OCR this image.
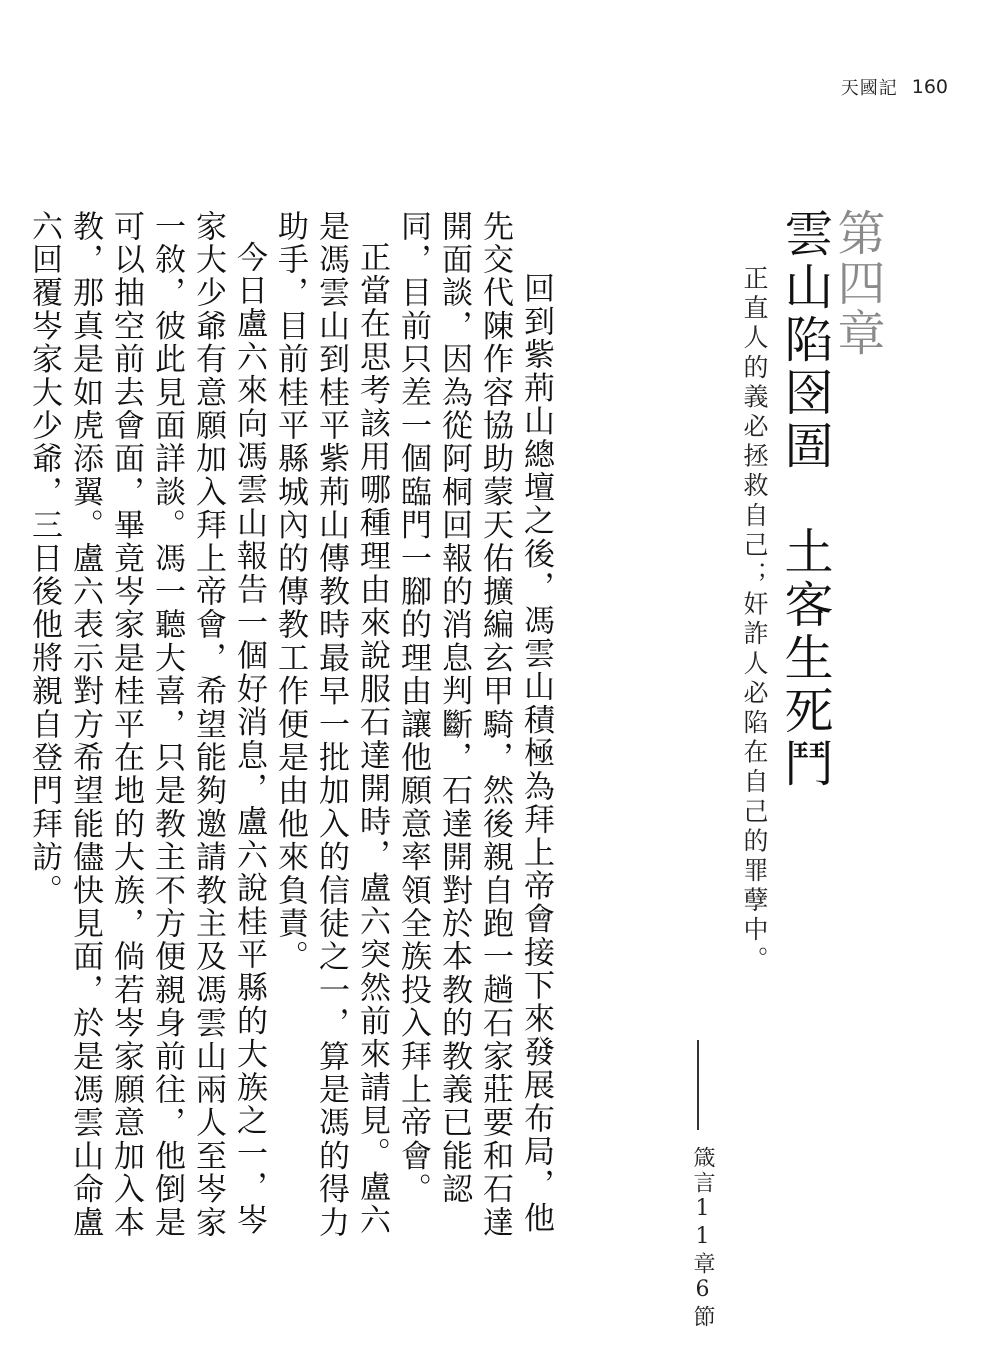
天國記 160
第四章
雲山陷囹圄　土客生死鬥
正直人的義必拯救自己；奸詐人必陷在自己的罪孽中。
箴言11章6節

回到紫荊山總壇之後，馮雲山積極為拜上帝會接下來發展布局，他先交代陳作容協助蒙天佑擴編玄甲騎，然後親自跑一趟石家莊要和石達開面談，因為從阿桐回報的消息判斷，石達開對於本教的教義已能認同，目前只差一個臨門一腳的理由讓他願意率領全族投入拜上帝會。

正當在思考該用哪種理由來說服石達開時，盧六突然前來請見。盧六是馮雲山到桂平紫荊山傳教時最早一批加入的信徒之一，算是馮的得力助手，目前桂平縣城內的傳教工作便是由他來負責。

今日盧六來向馮雲山報告一個好消息，盧六說桂平縣的大族之一，岑家大少爺有意願加入拜上帝會，希望能夠邀請教主及馮雲山兩人至岑家一敘，彼此見面詳談。馮一聽大喜，只是教主不方便親身前往，他倒是可以抽空前去會面，畢竟岑家是桂平在地的大族，倘若岑家願意加入本教，那真是如虎添翼。盧六表示對方希望能儘快見面，於是馮雲山命盧六回覆岑家大少爺，三日後他將親自登門拜訪。
